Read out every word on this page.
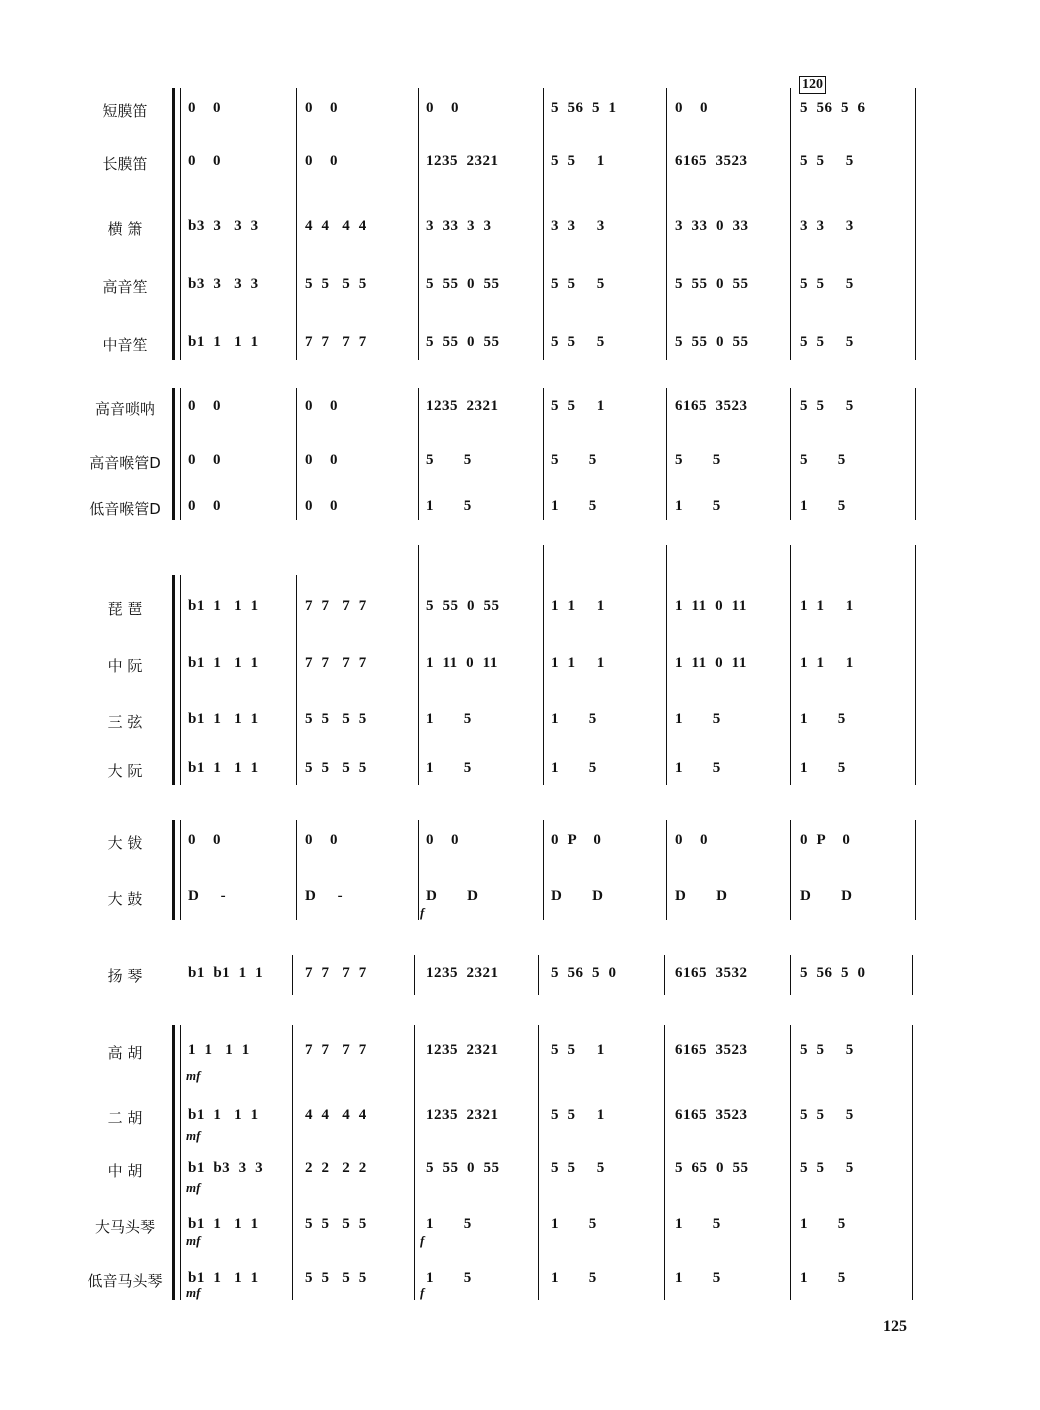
120
f
mf
mf
mf
mf	f
mf	f
短膜笛	0    0	0    0	0    0	5  56  5  1	0    0	5  56  5  6
长膜笛	0    0	0    0	1235  2321	5  5     1	6165  3523	5  5     5
横 箫	b3  3   3  3	4  4   4  4	3  33  3  3	3  3     3	3  33  0  33	3  3     3
高音笙	b3  3   3  3	5  5   5  5	5  55  0  55	5  5     5	5  55  0  55	5  5     5
中音笙	b1  1   1  1	7  7   7  7	5  55  0  55	5  5     5	5  55  0  55	5  5     5
高音唢呐	0    0	0    0	1235  2321	5  5     1	6165  3523	5  5     5
高音喉管D	0    0	0    0	5       5	5       5	5       5	5       5
低音喉管D	0    0	0    0	1       5	1       5	1       5	1       5
琵 琶	b1  1   1  1	7  7   7  7	5  55  0  55	1  1     1	1  11  0  11	1  1     1
中 阮	b1  1   1  1	7  7   7  7	1  11  0  11	1  1     1	1  11  0  11	1  1     1
三 弦	b1  1   1  1	5  5   5  5	1       5	1       5	1       5	1       5
大 阮	b1  1   1  1	5  5   5  5	1       5	1       5	1       5	1       5
大 钹	0    0	0    0	0    0	0  P    0	0    0	0  P    0
大 鼓	D     -	D     -	D       D	D       D	D       D	D       D
扬 琴	b1  b1  1  1	7  7   7  7	1235  2321	5  56  5  0	6165  3532	5  56  5  0
高 胡	1  1   1  1	7  7   7  7	1235  2321	5  5     1	6165  3523	5  5     5
二 胡	b1  1   1  1	4  4   4  4	1235  2321	5  5     1	6165  3523	5  5     5
中 胡	b1  b3  3  3	2  2   2  2	5  55  0  55	5  5     5	5  65  0  55	5  5     5
大马头琴	b1  1   1  1	5  5   5  5	1       5	1       5	1       5	1       5
低音马头琴	b1  1   1  1	5  5   5  5	1       5	1       5	1       5	1       5
125
